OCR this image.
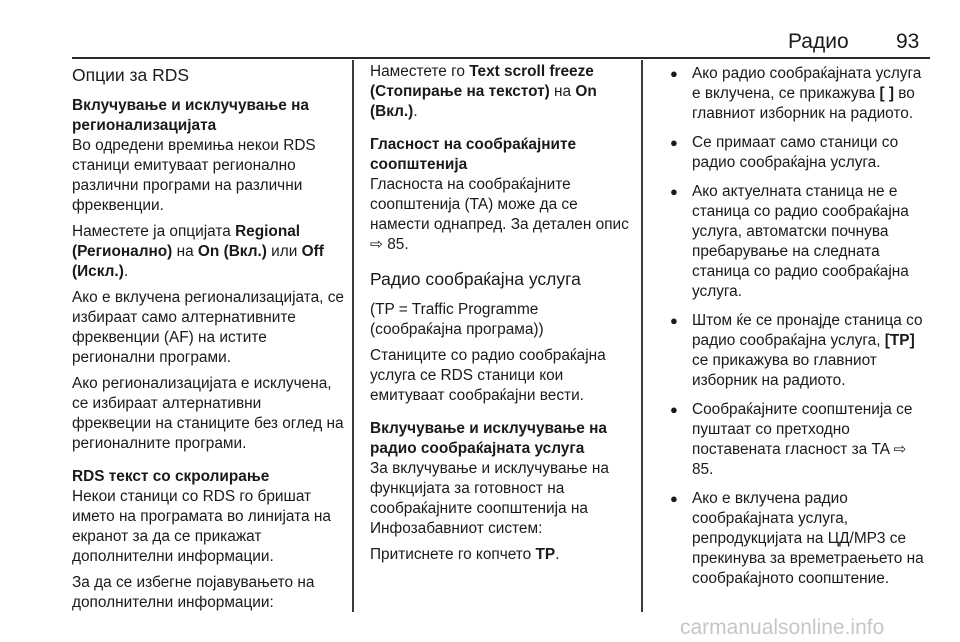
Радио 93
Опции за RDS
Вклучување и исклучување на регионализацијата

Во одредени времиња некои RDS станици емитуваат регионално различни програми на различни фреквенции.

Наместете ја опцијата Regional (Регионално) на On (Вкл.) или Off (Искл.).

Ако е вклучена регионализацијата, се избираат само алтернативните фреквенции (AF) на истите регионални програми.

Ако регионализацијата е исклучена, се избираат алтернативни фреквеции на станиците без оглед на регионалните програми.

RDS текст со скролирање

Некои станици со RDS го бришат името на програмата во линијата на екранот за да се прикажат дополнителни информации.

За да се избегне појавувањето на дополнителни информации:

Наместете го Text scroll freeze (Стопирање на текстот) на On (Вкл.).

Гласност на сообраќајните соопштенија

Гласноста на сообраќајните соопштенија (TA) може да се намести однапред. За детален опис ⇨ 85.

Радио сообраќајна услуга

(TP = Traffic Programme (сообраќајна програма))

Станиците со радио сообраќајна услуга се RDS станици кои емитуваат сообраќајни вести.

Вклучување и исклучување на радио сообраќајната услуга

За вклучување и исклучување на функцијата за готовност на сообраќајните соопштенија на Инфозабавниот систем:

Притиснете го копчето TP.

● Ако радио сообраќајната услуга е вклучена, се прикажува [ ] во главниот изборник на радиото.
● Се примаат само станици со радио сообраќајна услуга.
● Ако актуелната станица не е станица со радио сообраќајна услуга, автоматски почнува пребарување на следната станица со радио сообраќајна услуга.
● Штом ќе се пронајде станица со радио сообраќајна услуга, [TP] се прикажува во главниот изборник на радиото.
● Сообраќајните соопштенија се пуштаат со претходно поставената гласност за TA ⇨ 85.
● Ако е вклучена радио сообраќајната услуга, репродукцијата на ЦД/MP3 се прекинува за времетраењето на сообраќајното соопштение.
carmanualsonline.info
